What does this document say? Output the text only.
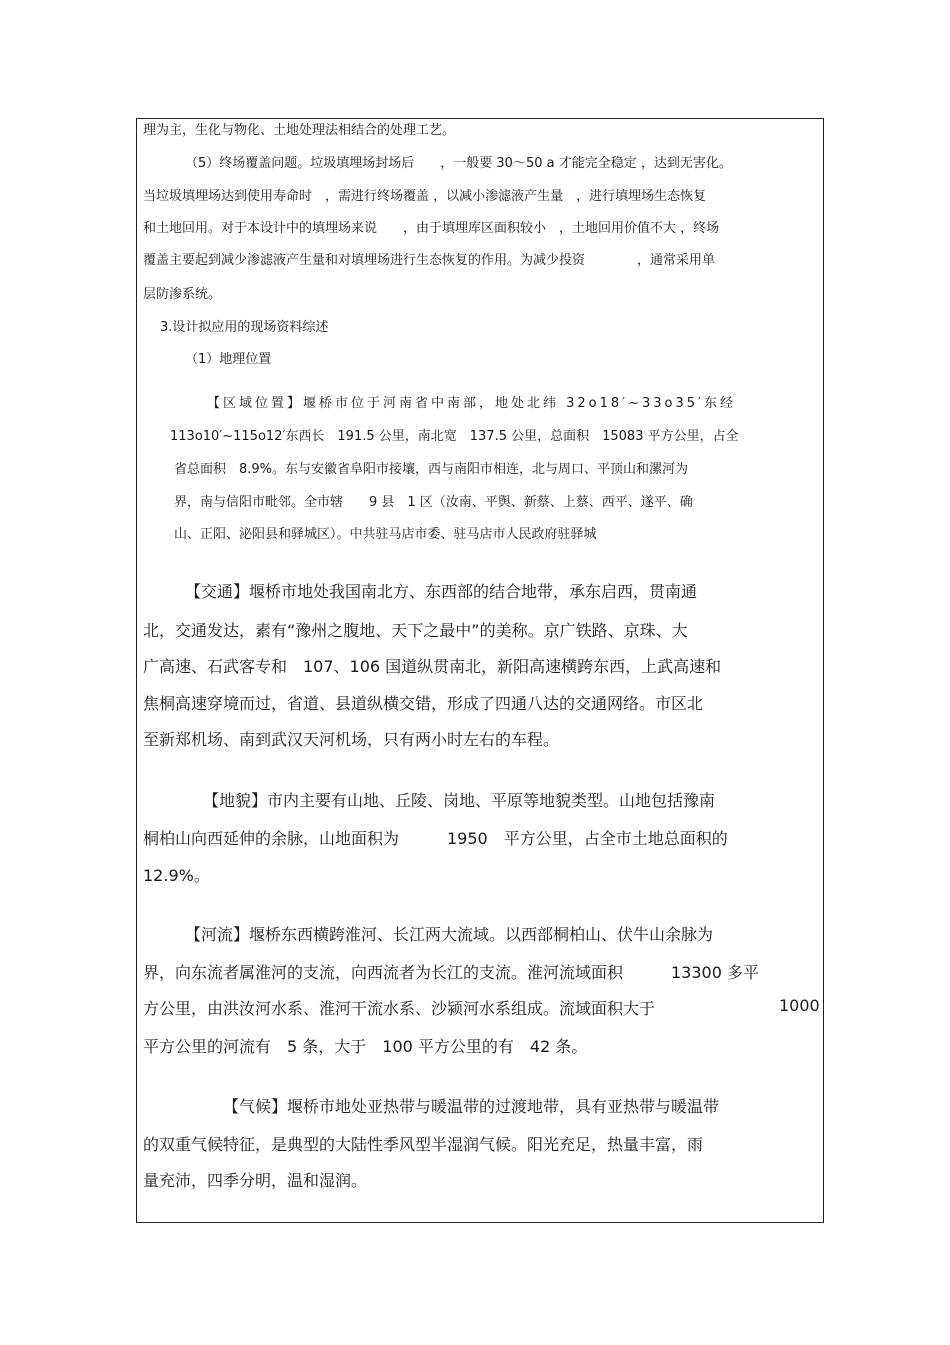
理为主，生化与物化、土地处理法相结合的处理工艺。
（5）终场覆盖问题。垃圾填埋场封场后　　，一般要 30～50 a 才能完全稳定 ，达到无害化。
当垃圾填埋场达到使用寿命时　，需进行终场覆盖 ，以减小渗滤液产生量　，进行填埋场生态恢复
和土地回用。对于本设计中的填埋场来说　　，由于填埋库区面积较小　，土地回用价值不大 ，终场
覆盖主要起到减少渗滤液产生量和对填埋场进行生态恢复的作用。为减少投资　　　　，通常采用单
层防渗系统。
3.设计拟应用的现场资料综述
（1）地理位置
【区域位置】堰桥市位于河南省中南部，地处北纬 32o18′~33o35′东经
113o10′~115o12′东西长　191.5 公里，南北宽　137.5 公里，总面积　15083 平方公里，占全
省总面积　8.9%。东与安徽省阜阳市接壤，西与南阳市相连，北与周口、平顶山和漯河为
界，南与信阳市毗邻。全市辖　　9 县　1 区（汝南、平舆、新蔡、上蔡、西平、遂平、确
山、正阳、泌阳县和驿城区）。中共驻马店市委、驻马店市人民政府驻驿城
【交通】堰桥市地处我国南北方、东西部的结合地带，承东启西，贯南通
北，交通发达，素有“豫州之腹地、天下之最中”的美称。京广铁路、京珠、大
广高速、石武客专和　107、106 国道纵贯南北，新阳高速横跨东西，上武高速和
焦桐高速穿境而过，省道、县道纵横交错，形成了四通八达的交通网络。市区北
至新郑机场、南到武汉天河机场，只有两小时左右的车程。
【地貌】市内主要有山地、丘陵、岗地、平原等地貌类型。山地包括豫南
桐柏山向西延伸的余脉，山地面积为　　　1950　平方公里，占全市土地总面积的
12.9%。
【河流】堰桥东西横跨淮河、长江两大流域。以西部桐柏山、伏牛山余脉为
界，向东流者属淮河的支流，向西流者为长江的支流。淮河流域面积　　　13300 多平
方公里，由洪汝河水系、淮河干流水系、沙颍河水系组成。流域面积大于	1000
平方公里的河流有　5 条，大于　100 平方公里的有　42 条。
【气候】堰桥市地处亚热带与暖温带的过渡地带，具有亚热带与暖温带
的双重气候特征，是典型的大陆性季风型半湿润气候。阳光充足，热量丰富，雨
量充沛，四季分明，温和湿润。
